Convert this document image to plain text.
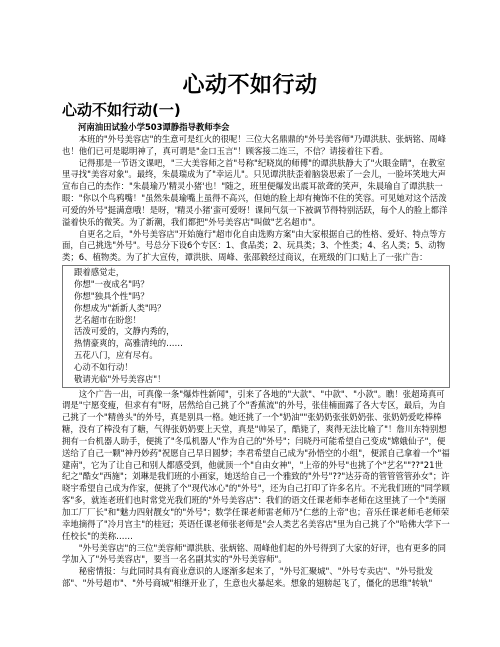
心动不如行动
心动不如行动(一)

河南油田试验小学503谭静指导教师李会

本班的"外号美容店"的生意可是红火的很呢！三位大名鼎鼎的"外号美容师"乃谭洪肤、张炳铭、周峰也！他们已可是聪明神了，真可谓是"金口玉言"！顾客接二连三，不信？请接着往下看。

记得那是一节语文课吧，"三大美容师之首"号称"纪晓岚的师傅"的谭洪肤静大了"火眼金睛"，在教室里寻找"美容对象"。最终，朱晨瑞成为了"幸运儿"。只见谭洪肤歪着脑袋思索了一会儿，一脸坏笑地大声宣布自己的杰作："朱晨瑜乃'精灵小猪'也！"随之，班里便爆发出震耳欲聋的笑声，朱晨瑜自了谭洪肤一眼："你以个鸟鸦嘴！"虽然朱晨瑜嘴上虽得不高兴，但她的脸上却有掩饰不住的笑容。可见她对这个活泼可爱的外号"挺满意哦！是呀，'精灵小猪'蛮可爱呀！课间气氛一下被调节得特别活跃，每个人的脸上都洋溢着快乐的微笑。为了新潮，我们都把"外号美容店"叫做"艺名超市"。

自更名之后，"外号美容店"开始施行"超市化自由选购方案"由大家根据自己的性格、爱好、特点等方面，自己挑选"外号"。号总分下设6个专区：1、食品类；2、玩具类；3、个性类；4、名人类；5、动物类；6、植物类。为了扩大宣传，谭洪肤、周峰、张邵毅经过商议，在班级的门口贴上了一张广告：

跟着感觉走，
你想"一夜成名"吗？
你想"独具个性"吗？
你想成为"新新人类"吗？
艺名超市在盼您！
活泼可爱的，文静内秀的，
热情豪爽的，高雅清纯的……
五花八门，应有尽有。
心动不如行动！
敬请光临"外号美容店"！

这个广告一出，可真像一条"爆炸性新闻"，引来了各地的"大款"、"中款"、"小款"。瞧！张超琦真可谓是"宁愿变瘦，但求有有"呀，居然给自己挑了个"香蕉流"的外号，张佳楠面露了各大专区，最后，为自己挑了一个"精兽头"的外号，真是别具一格。她还挑了一个"奶油""张奶奶张张奶奶张、张奶奶爱吃棒棒糖，没有了棒没有了糖，气得张奶奶要上天堂，真是"帅呆了，酷毙了，爽得无法比喻了"！詹川东特别想拥有一台机器人助手，便挑了"冬瓜机器人"作为自己的"外号"；闫晓丹可能希望自己变成"嫦娥仙子"，便送给了自己一颗"神丹妙药"祝愿自己早日圆梦；李君希望自己成为"孙悟空的小组"，便派自己拿着一个"福建南"，它为了让自己和别人都感受到，他就顶一个"自由女神"，"上帝的外号"也挑了个"艺名""??"21世纪之"酷女"西施"；刘琳是我们班的小画家，她送给自己一个雅致的"外号"??"达芬奇的管管管管孙女"；许晓宇希望自己成为作家，便挑了个"现代冰心"的"外号"，还为自己打印了许多名片。不光我们班的"同学顾客"多，就连老班们也时常党光我们班的"外号美容店"：我们的语文任课老师李老师在这里挑了一个"美丽加工厂厂长"和"魅力四射靓女"的"外号"；数学任课老师雷老师乃"仁慈的上帝"也；音乐任课老师毛老师荣幸地摘得了"冷月宫主"的桂冠；英语任课老师张老师是"会人类艺名美容店"里为自己挑了个"哈佛大学下一任校长"的美称……

"外号美容店"的三位"美容师"谭洪肤、张炳铭、周峰他们起的外号得到了大家的好评，也有更多的同学加入了"外号美容店"，要当一名名副其实的"外号美容师"。

秘密情报：与此同时具有商业意识的人逐渐多起来了，"外号汇聚城"、"外号专卖店"、"外号批发部"、"外号超市"、"外号商城"相继开业了，生意也火暴起来。想象的翅膀起飞了，僵化的思维"转轨"
